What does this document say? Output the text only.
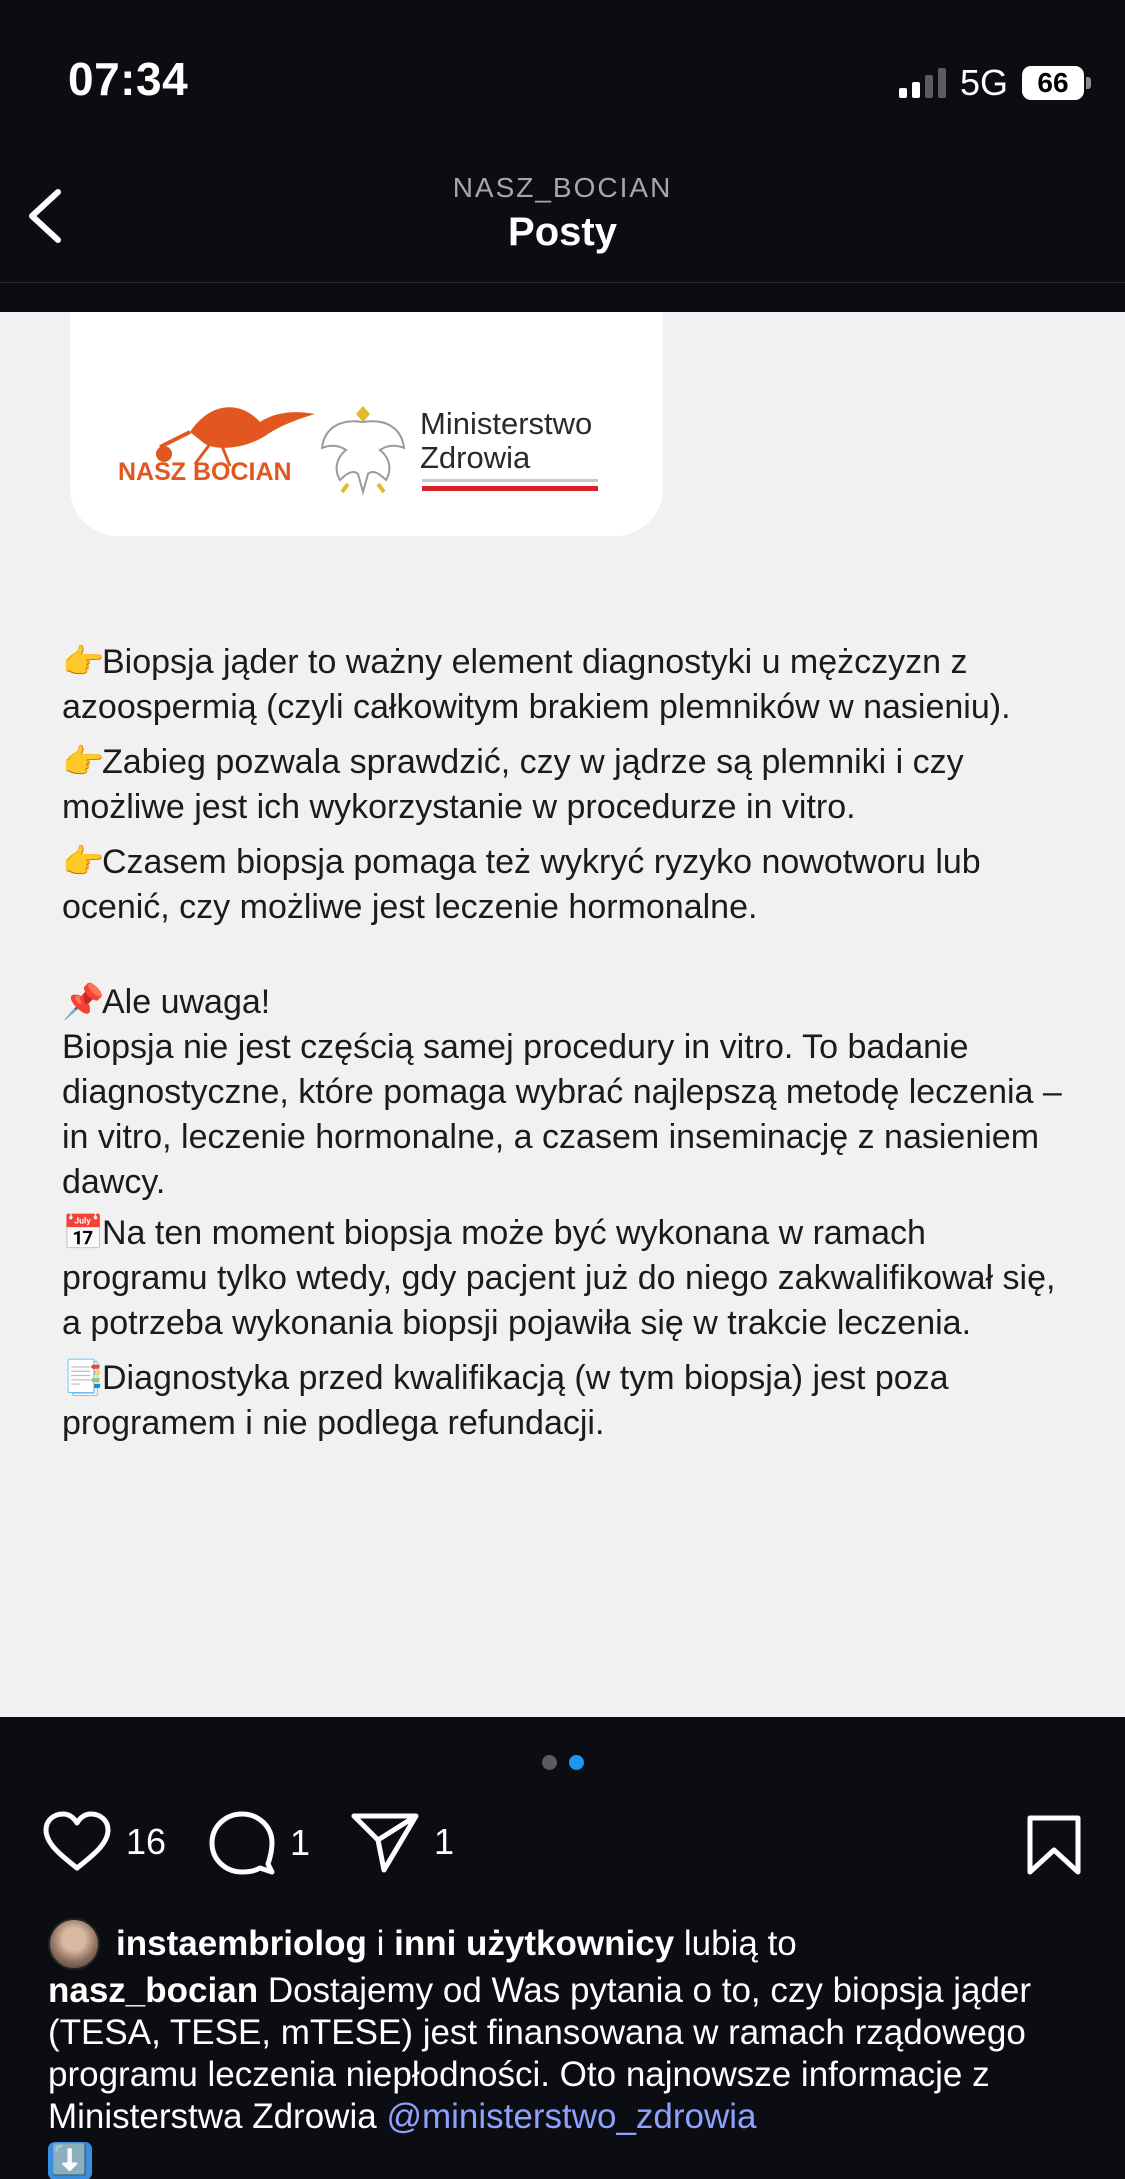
07:34	5G	66
NASZ_BOCIAN
Posty
NASZ BOCIAN
Ministerstwo Zdrowia

👉Biopsja jąder to ważny element diagnostyki u mężczyzn z azoospermią (czyli całkowitym brakiem plemników w nasieniu).

👉Zabieg pozwala sprawdzić, czy w jądrze są plemniki i czy możliwe jest ich wykorzystanie w procedurze in vitro.

👉Czasem biopsja pomaga też wykryć ryzyko nowotworu lub ocenić, czy możliwe jest leczenie hormonalne.

📌Ale uwaga!

Biopsja nie jest częścią samej procedury in vitro. To badanie diagnostyczne, które pomaga wybrać najlepszą metodę leczenia – in vitro, leczenie hormonalne, a czasem inseminację z nasieniem dawcy.

📅Na ten moment biopsja może być wykonana w ramach programu tylko wtedy, gdy pacjent już do niego zakwalifikował się, a potrzeba wykonania biopsji pojawiła się w trakcie leczenia.

📑Diagnostyka przed kwalifikacją (w tym biopsja) jest poza programem i nie podlega refundacji.

16	1	1
instaembriolog
i
inni użytkownicy
lubią to
nasz_bocian Dostajemy od Was pytania o to, czy biopsja jąder (TESA, TESE, mTESE) jest finansowana w ramach rządowego programu leczenia niepłodności. Oto najnowsze informacje z Ministerstwa Zdrowia @ministerstwo_zdrowia
⬇️
